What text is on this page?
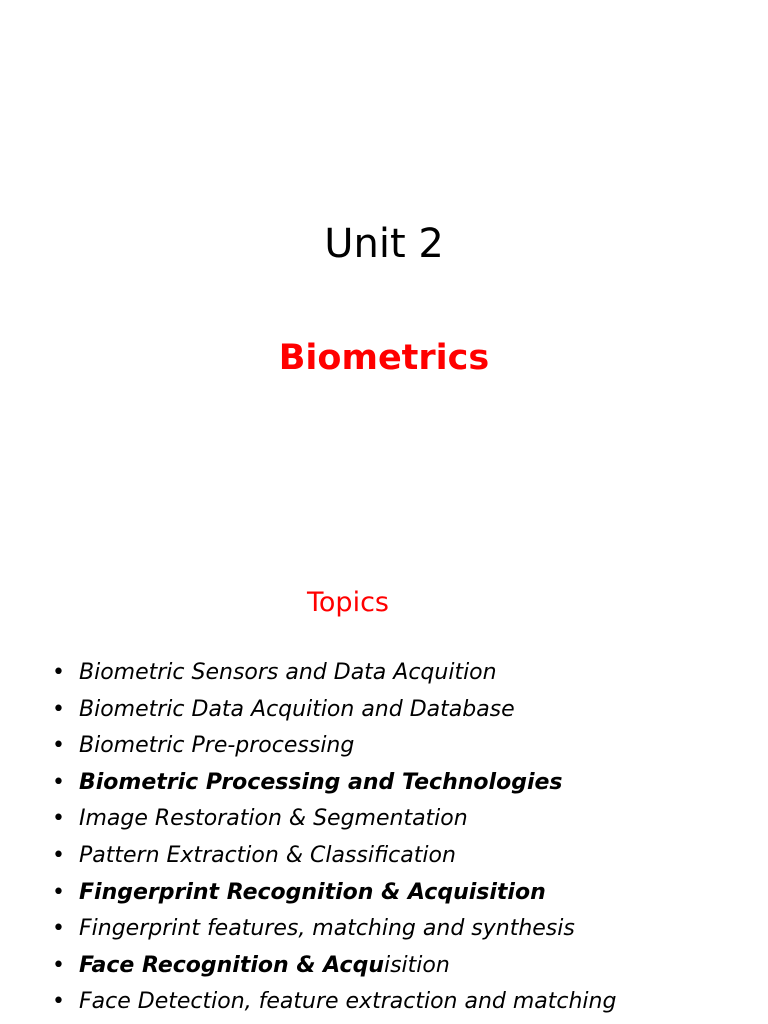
Unit 2
Biometrics
Topics
• Biometric Sensors and Data Acquition
• Biometric Data Acquition and Database
• Biometric Pre-processing
• Biometric Processing and Technologies
• Image Restoration & Segmentation
• Pattern Extraction & Classification
• Fingerprint Recognition & Acquisition
• Fingerprint features, matching and synthesis
• Face Recognition & Acquisition
• Face Detection, feature extraction and matching
